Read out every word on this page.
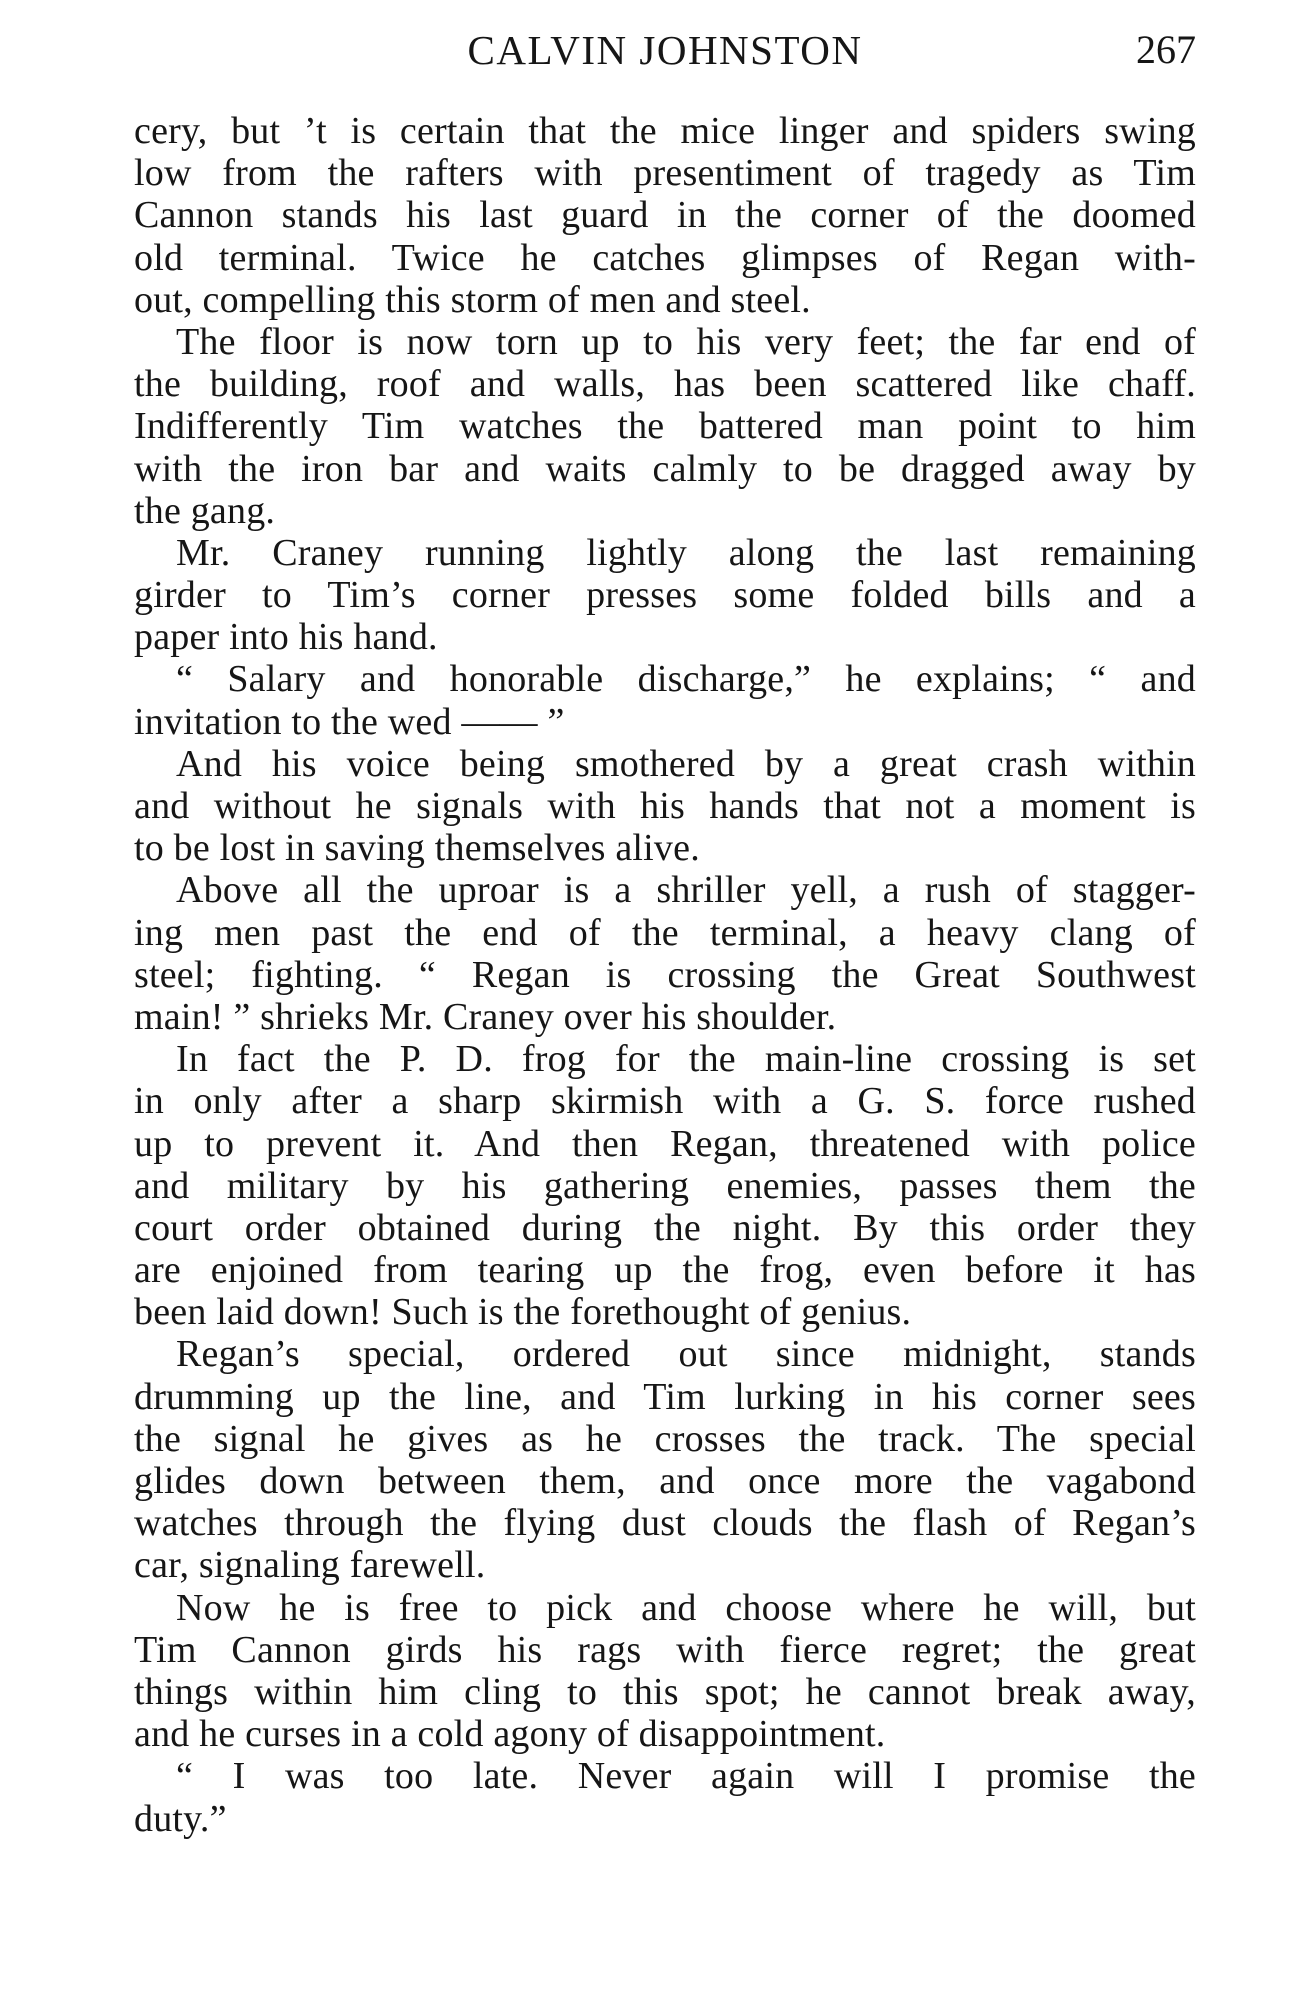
CALVIN JOHNSTON	267
cery, but ’t is certain that the mice linger and spiders swing
low from the rafters with presentiment of tragedy as Tim
Cannon stands his last guard in the corner of the doomed
old terminal. Twice he catches glimpses of Regan with-
out, compelling this storm of men and steel.
The floor is now torn up to his very feet; the far end of
the building, roof and walls, has been scattered like chaff.
Indifferently Tim watches the battered man point to him
with the iron bar and waits calmly to be dragged away by
the gang.
Mr. Craney running lightly along the last remaining
girder to Tim’s corner presses some folded bills and a
paper into his hand.
“ Salary and honorable discharge,” he explains; “ and
invitation to the wed —— ”
And his voice being smothered by a great crash within
and without he signals with his hands that not a moment is
to be lost in saving themselves alive.
Above all the uproar is a shriller yell, a rush of stagger-
ing men past the end of the terminal, a heavy clang of
steel; fighting. “ Regan is crossing the Great Southwest
main! ” shrieks Mr. Craney over his shoulder.
In fact the P. D. frog for the main-line crossing is set
in only after a sharp skirmish with a G. S. force rushed
up to prevent it. And then Regan, threatened with police
and military by his gathering enemies, passes them the
court order obtained during the night. By this order they
are enjoined from tearing up the frog, even before it has
been laid down! Such is the forethought of genius.
Regan’s special, ordered out since midnight, stands
drumming up the line, and Tim lurking in his corner sees
the signal he gives as he crosses the track. The special
glides down between them, and once more the vagabond
watches through the flying dust clouds the flash of Regan’s
car, signaling farewell.
Now he is free to pick and choose where he will, but
Tim Cannon girds his rags with fierce regret; the great
things within him cling to this spot; he cannot break away,
and he curses in a cold agony of disappointment.
“ I was too late. Never again will I promise the
duty.”
